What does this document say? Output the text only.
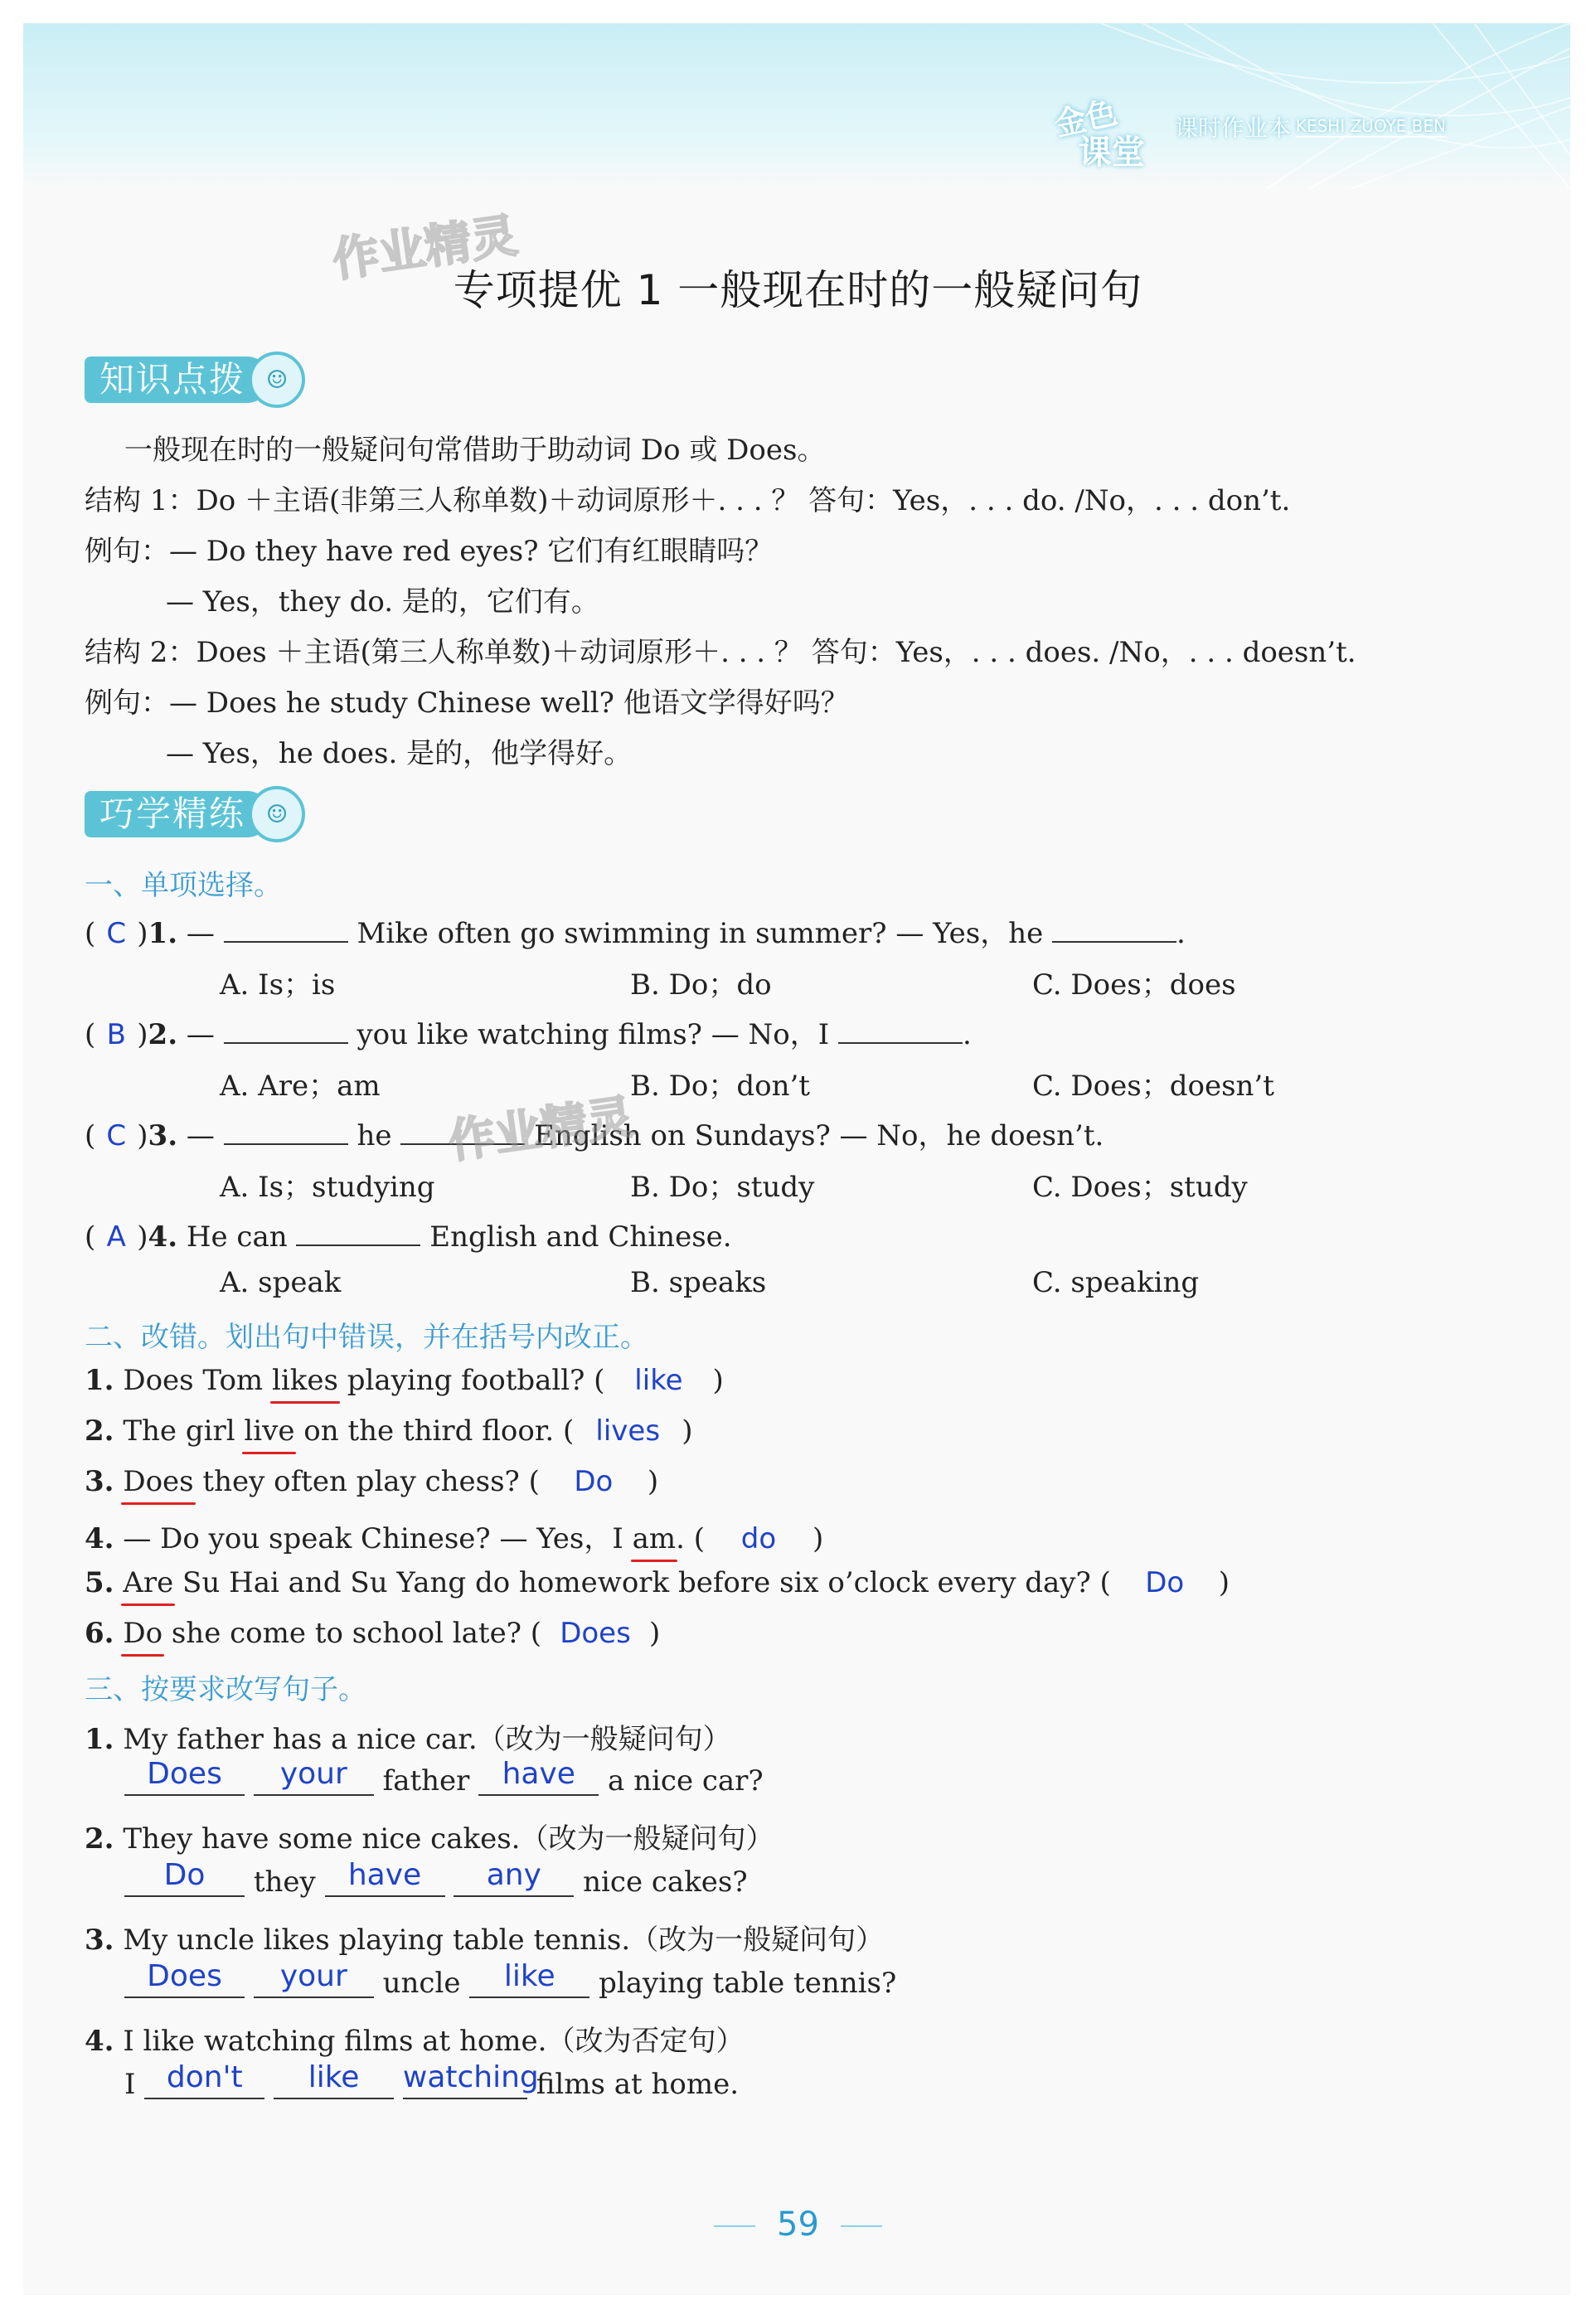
金色
课堂
课时作业本 KESHI ZUOYE BEN
作业精灵
专项提优 1 一般现在时的一般疑问句
知识点拨 ☺
一般现在时的一般疑问句常借助于助动词 Do 或 Does。
结构 1：Do ＋主语(非第三人称单数)＋动词原形＋. . . ？ 答句：Yes，. . . do. /No，. . . don’t.
例句：— Do they have red eyes? 它们有红眼睛吗？
— Yes，they do. 是的，它们有。
结构 2：Does ＋主语(第三人称单数)＋动词原形＋. . . ？ 答句：Yes，. . . does. /No，. . . doesn’t.
例句：— Does he study Chinese well? 他语文学得好吗？
— Yes，he does. 是的，他学得好。
巧学精练 ☺
一、单项选择。
( C )1. —	Mike often go swimming in summer? — Yes，he	.
A. Is；is	B. Do；do	C. Does；does
( B )2. —	you like watching films? — No，I	.
A. Are；am	B. Do；don’t	C. Does；doesn’t
( C )3. —	he	English on Sundays? — No，he doesn’t.
A. Is；studying	B. Do；study	C. Does；study
作业精灵
( A )4. He can	English and Chinese.
A. speak	B. speaks	C. speaking
二、改错。划出句中错误，并在括号内改正。
1. Does Tom likes playing football? ( like )
2. The girl live on the third floor. ( lives )
3. Does they often play chess? ( Do )
4. — Do you speak Chinese? — Yes，I am. ( do )
5. Are Su Hai and Su Yang do homework before six o’clock every day? ( Do )
6. Do she come to school late? ( Does )
三、按要求改写句子。
1. My father has a nice car.（改为一般疑问句）
Does your father have a nice car?
2. They have some nice cakes.（改为一般疑问句）
Do they have any nice cakes?
3. My uncle likes playing table tennis.（改为一般疑问句）
Does your uncle like playing table tennis?
4. I like watching films at home.（改为否定句）
I don't like watching films at home.
59
